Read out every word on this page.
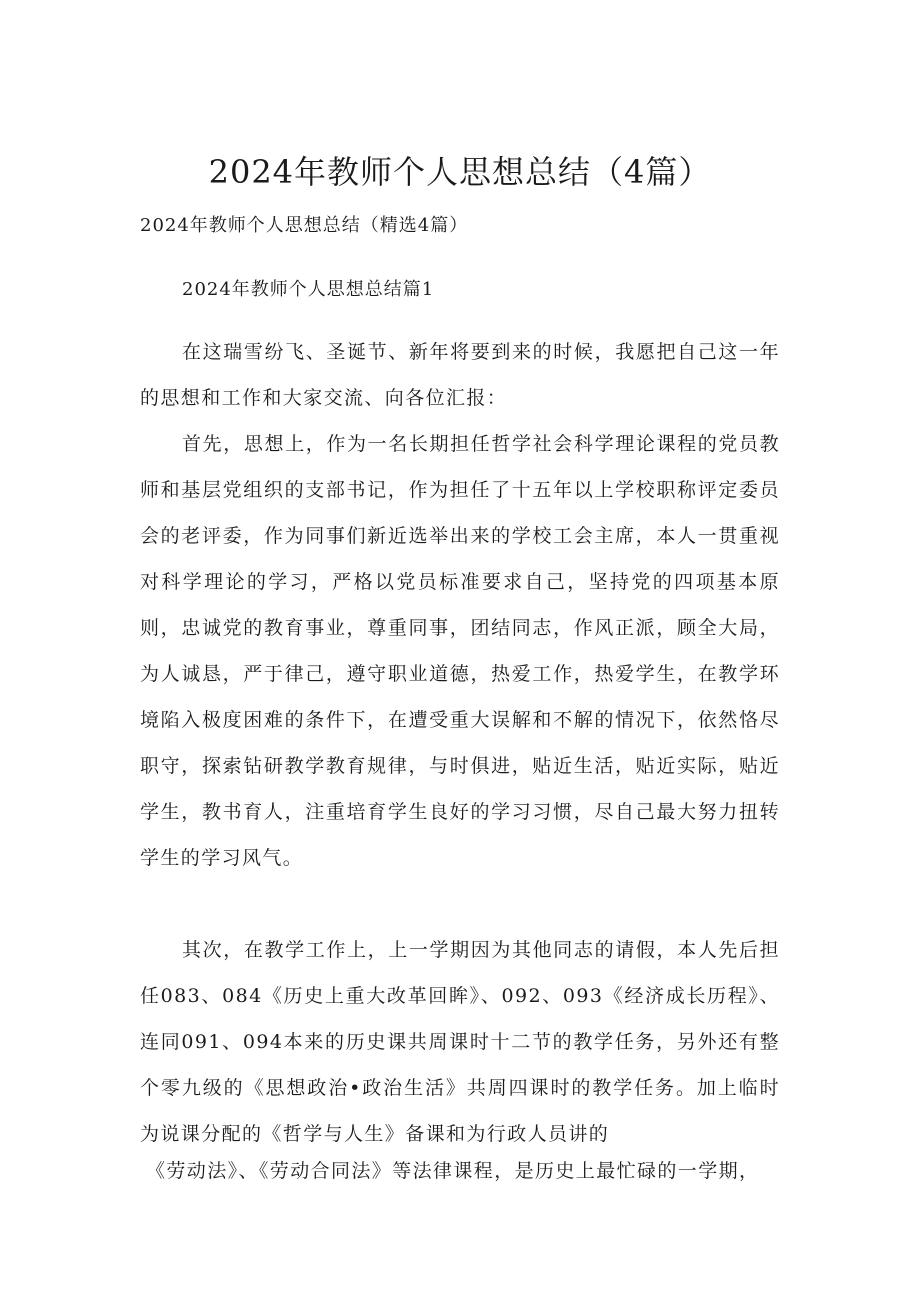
2024年教师个人思想总结（4篇）

2024年教师个人思想总结（精选4篇）

2024年教师个人思想总结篇1

在这瑞雪纷飞、圣诞节、新年将要到来的时候，我愿把自己这一年的思想和工作和大家交流、向各位汇报：

首先，思想上，作为一名长期担任哲学社会科学理论课程的党员教师和基层党组织的支部书记，作为担任了十五年以上学校职称评定委员会的老评委，作为同事们新近选举出来的学校工会主席，本人一贯重视对科学理论的学习，严格以党员标准要求自己，坚持党的四项基本原则，忠诚党的教育事业，尊重同事，团结同志，作风正派，顾全大局，为人诚恳，严于律己，遵守职业道德，热爱工作，热爱学生，在教学环境陷入极度困难的条件下，在遭受重大误解和不解的情况下，依然恪尽职守，探索钻研教学教育规律，与时俱进，贴近生活，贴近实际，贴近学生，教书育人，注重培育学生良好的学习习惯，尽自己最大努力扭转学生的学习风气。

其次，在教学工作上，上一学期因为其他同志的请假，本人先后担任083、084《历史上重大改革回眸》、092、093《经济成长历程》、连同091、094本来的历史课共周课时十二节的教学任务，另外还有整个零九级的《思想政治•政治生活》共周四课时的教学任务。加上临时为说课分配的《哲学与人生》备课和为行政人员讲的

《劳动法》、《劳动合同法》等法律课程，是历史上最忙碌的一学期，
